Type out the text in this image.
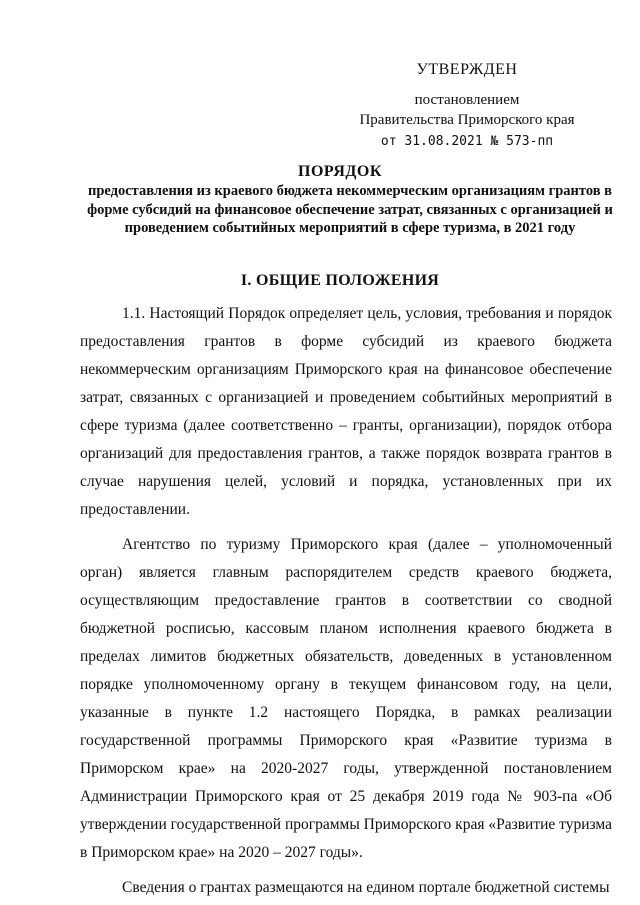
УТВЕРЖДЕН
постановлением
Правительства Приморского края
от 31.08.2021 № 573-пп
ПОРЯДОК
предоставления из краевого бюджета некоммерческим организациям грантов в форме субсидий на финансовое обеспечение затрат, связанных с организацией и проведением событийных мероприятий в сфере туризма, в 2021 году
I. ОБЩИЕ ПОЛОЖЕНИЯ

1.1. Настоящий Порядок определяет цель, условия, требования и порядок предоставления грантов в форме субсидий из краевого бюджета некоммерческим организациям Приморского края на финансовое обеспечение затрат, связанных с организацией и проведением событийных мероприятий в сфере туризма (далее соответственно – гранты, организации), порядок отбора организаций для предоставления грантов, а также порядок возврата грантов в случае нарушения целей, условий и порядка, установленных при их предоставлении.

Агентство по туризму Приморского края (далее – уполномоченный орган) является главным распорядителем средств краевого бюджета, осуществляющим предоставление грантов в соответствии со сводной бюджетной росписью, кассовым планом исполнения краевого бюджета в пределах лимитов бюджетных обязательств, доведенных в установленном порядке уполномоченному органу в текущем финансовом году, на цели, указанные в пункте 1.2 настоящего Порядка, в рамках реализации государственной программы Приморского края «Развитие туризма в Приморском крае» на 2020-2027 годы, утвержденной постановлением Администрации Приморского края от 25 декабря 2019 года № 903-па «Об утверждении государственной программы Приморского края «Развитие туризма в Приморском крае» на 2020 – 2027 годы».

Сведения о грантах размещаются на едином портале бюджетной системы
